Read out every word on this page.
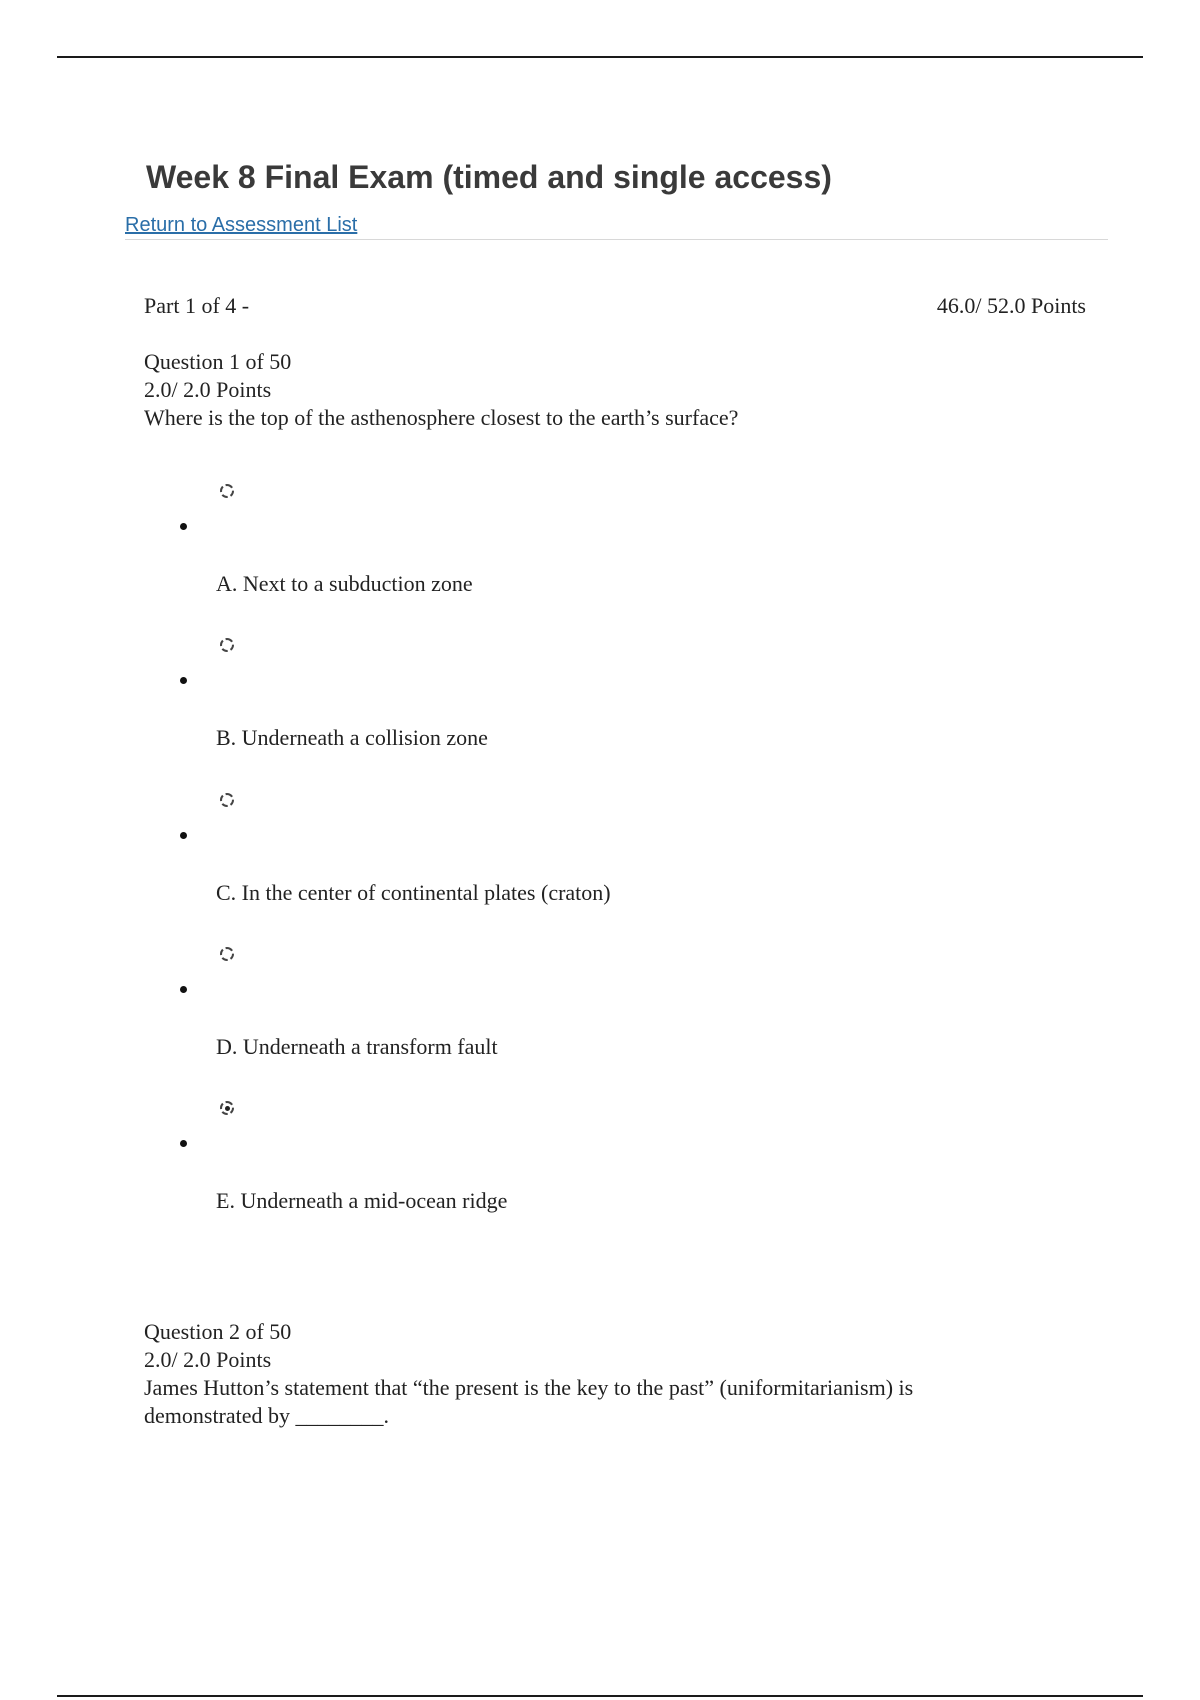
Week 8 Final Exam (timed and single access)
Return to Assessment List
Part 1 of 4 -	46.0/ 52.0 Points
Question 1 of 50
2.0/ 2.0 Points
Where is the top of the asthenosphere closest to the earth’s surface?
A. Next to a subduction zone
B. Underneath a collision zone
C. In the center of continental plates (craton)
D. Underneath a transform fault
E. Underneath a mid-ocean ridge
Question 2 of 50
2.0/ 2.0 Points
James Hutton’s statement that “the present is the key to the past” (uniformitarianism) is demonstrated by ________.
